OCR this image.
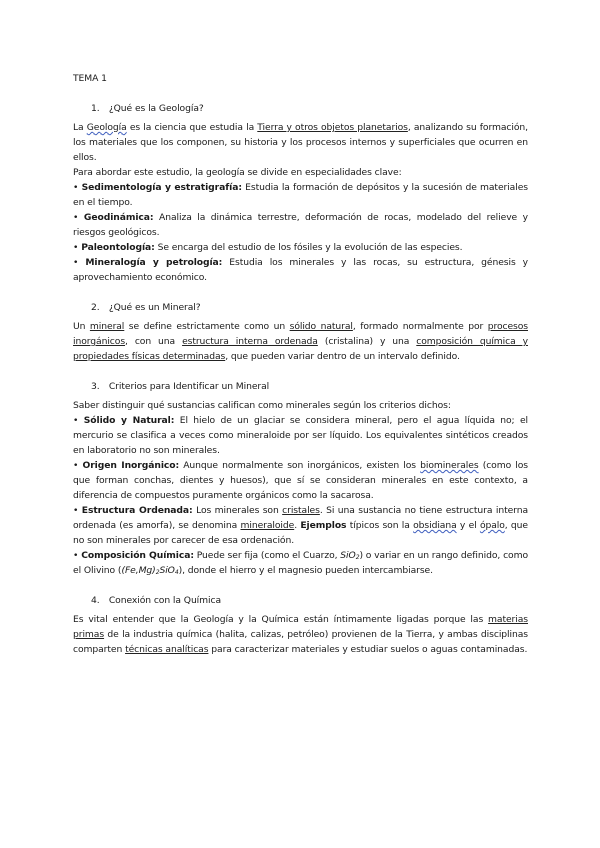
TEMA 1

1. ¿Qué es la Geología?

La Geología es la ciencia que estudia la Tierra y otros objetos planetarios, analizando su formación, los materiales que los componen, su historia y los procesos internos y superficiales que ocurren en ellos.

Para abordar este estudio, la geología se divide en especialidades clave:

• Sedimentología y estratigrafía: Estudia la formación de depósitos y la sucesión de materiales en el tiempo.

• Geodinámica: Analiza la dinámica terrestre, deformación de rocas, modelado del relieve y riesgos geológicos.

• Paleontología: Se encarga del estudio de los fósiles y la evolución de las especies.

• Mineralogía y petrología: Estudia los minerales y las rocas, su estructura, génesis y aprovechamiento económico.

2. ¿Qué es un Mineral?

Un mineral se define estrictamente como un sólido natural, formado normalmente por procesos inorgánicos, con una estructura interna ordenada (cristalina) y una composición química y propiedades físicas determinadas, que pueden variar dentro de un intervalo definido.

3. Criterios para Identificar un Mineral

Saber distinguir qué sustancias califican como minerales según los criterios dichos:

• Sólido y Natural: El hielo de un glaciar se considera mineral, pero el agua líquida no; el mercurio se clasifica a veces como mineraloide por ser líquido. Los equivalentes sintéticos creados en laboratorio no son minerales.

• Origen Inorgánico: Aunque normalmente son inorgánicos, existen los biominerales (como los que forman conchas, dientes y huesos), que sí se consideran minerales en este contexto, a diferencia de compuestos puramente orgánicos como la sacarosa.

• Estructura Ordenada: Los minerales son cristales. Si una sustancia no tiene estructura interna ordenada (es amorfa), se denomina mineraloide. Ejemplos típicos son la obsidiana y el ópalo, que no son minerales por carecer de esa ordenación.

• Composición Química: Puede ser fija (como el Cuarzo, SiO$_2$) o variar en un rango definido, como el Olivino $((Fe,Mg)_2SiO_4)$, donde el hierro y el magnesio pueden intercambiarse.

4. Conexión con la Química

Es vital entender que la Geología y la Química están íntimamente ligadas porque las materias primas de la industria química (halita, calizas, petróleo) provienen de la Tierra, y ambas disciplinas comparten técnicas analíticas para caracterizar materiales y estudiar suelos o aguas contaminadas.
